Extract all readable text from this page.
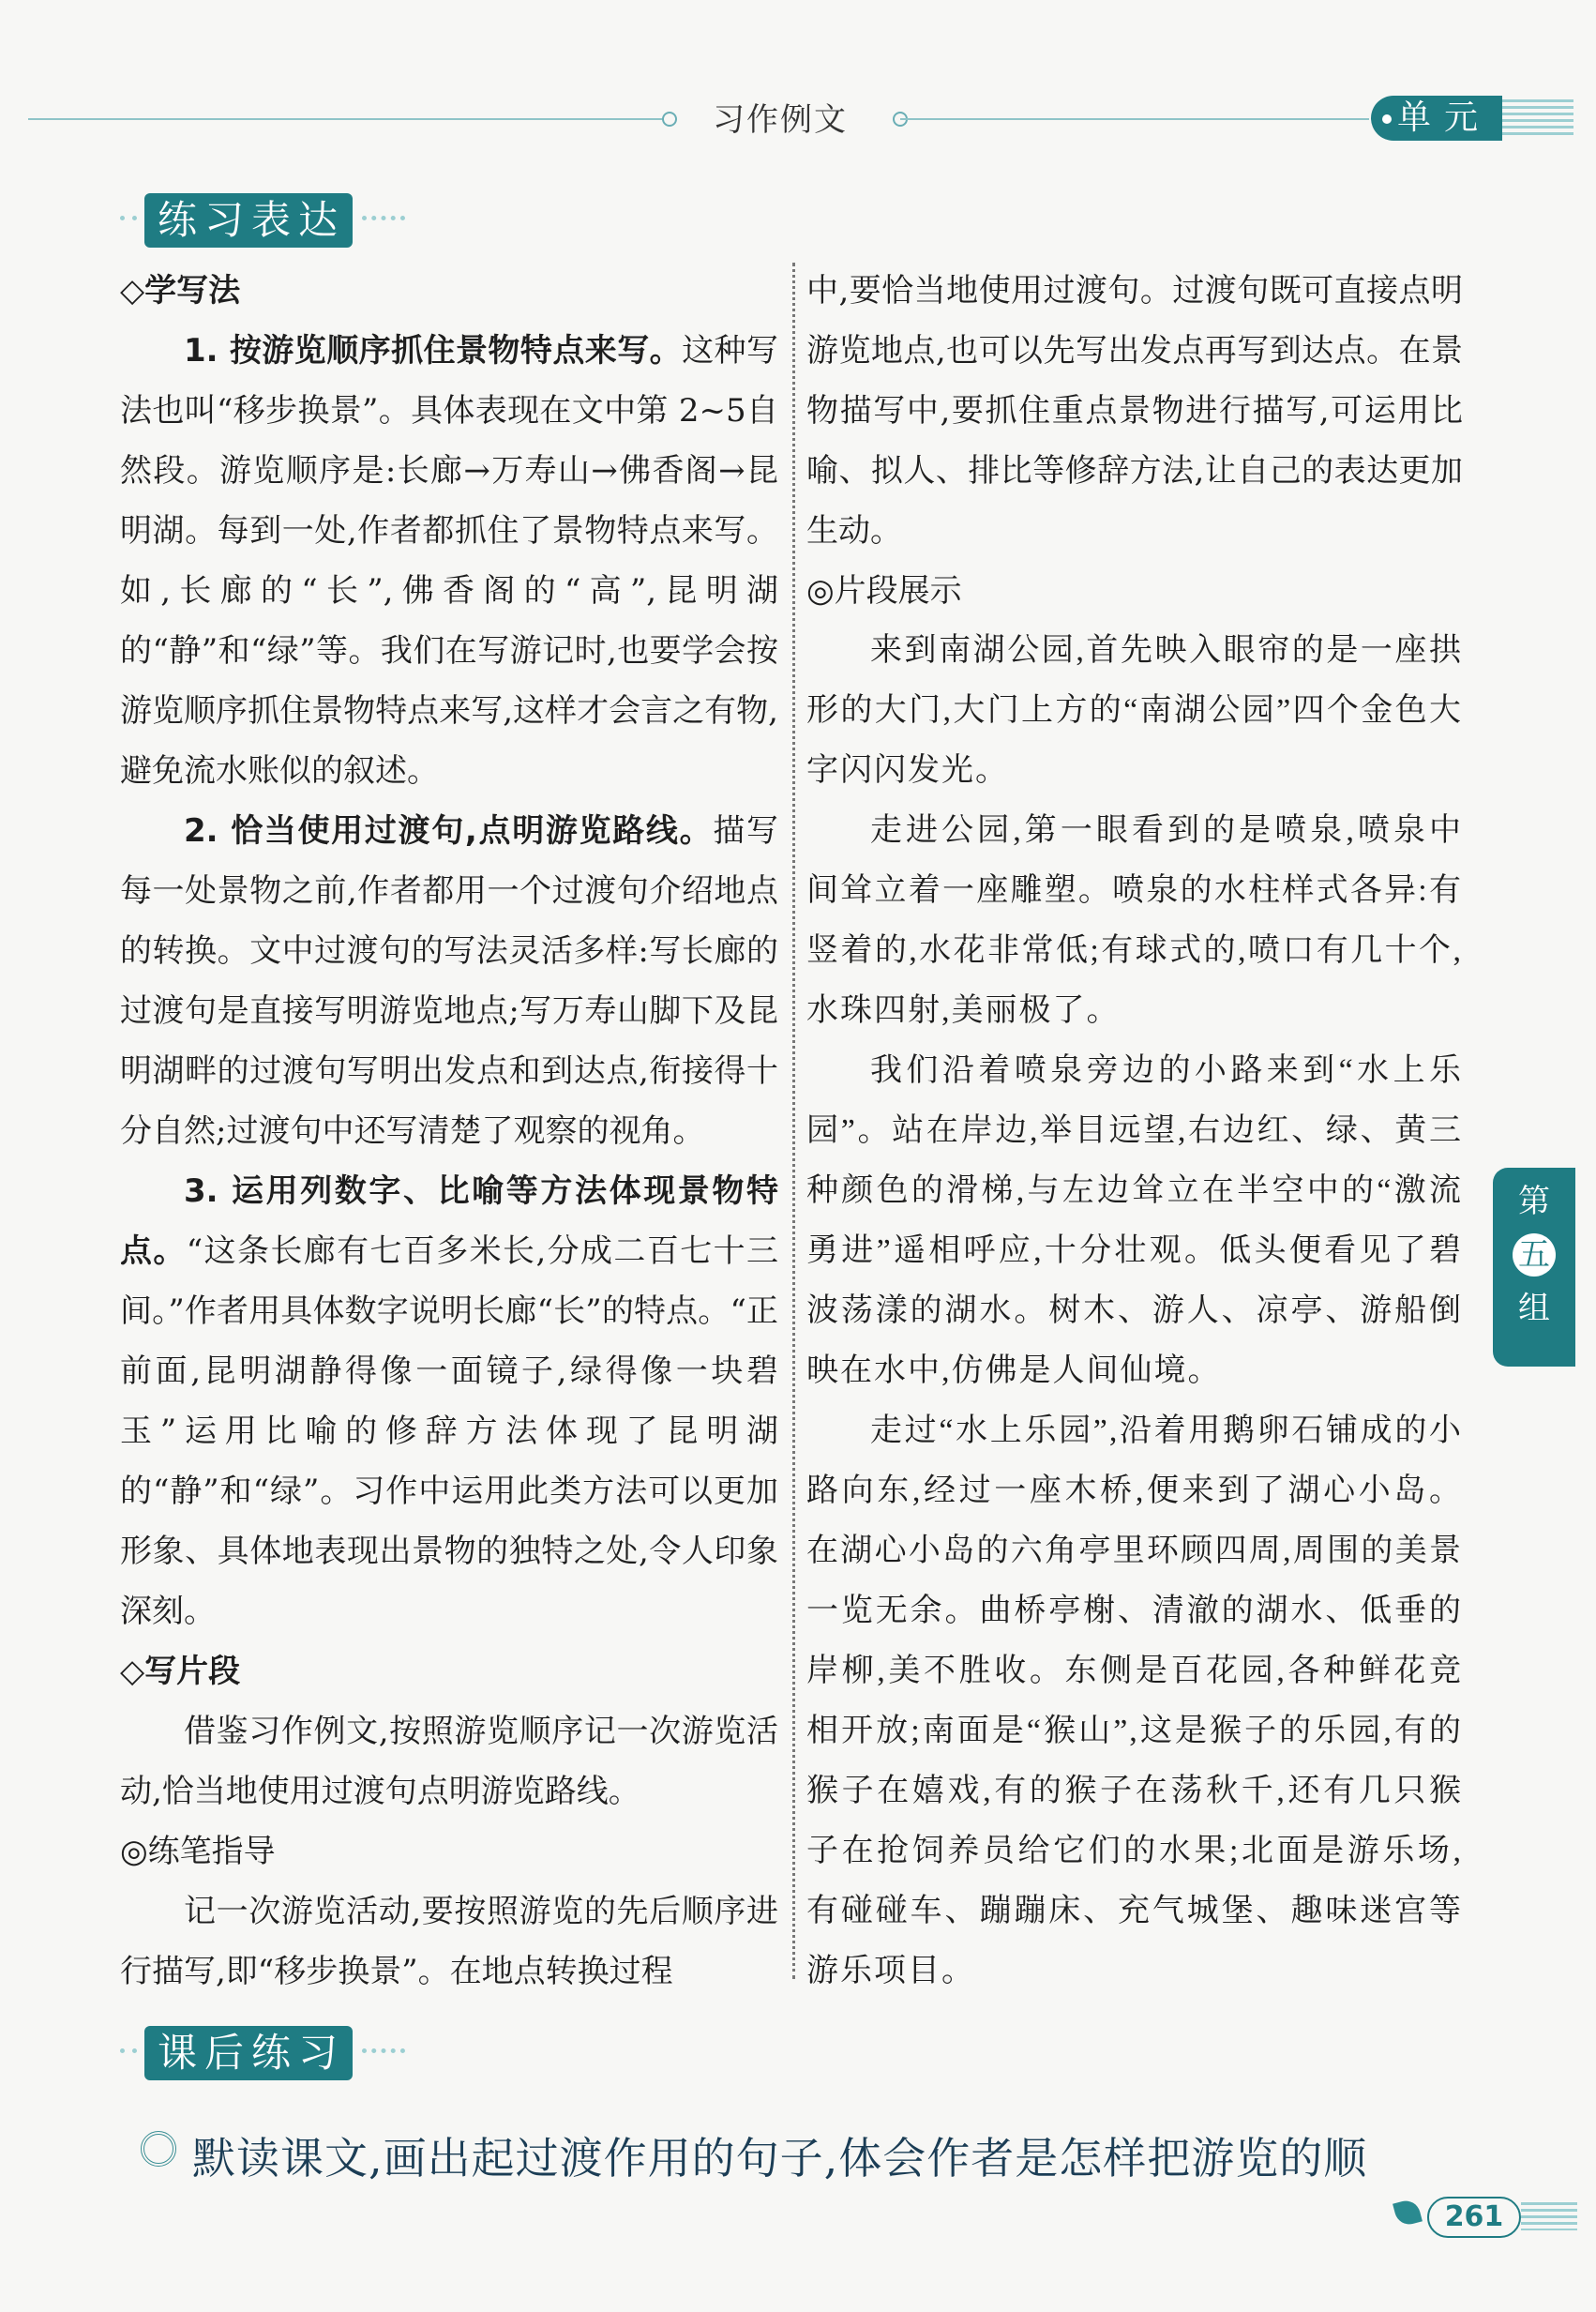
习作例文	单元
练习表达

◇学写法

1. 按游览顺序抓住景物特点来写。这种写法也叫“移步换景”。具体表现在文中第 2~5自然段。游览顺序是:长廊→万寿山→佛香阁→昆明湖。每到一处,作者都抓住了景物特点来写。如,长廊的“长”,佛香阁的“高”,昆明湖的“静”和“绿”等。我们在写游记时,也要学会按游览顺序抓住景物特点来写,这样才会言之有物,避免流水账似的叙述。

2. 恰当使用过渡句,点明游览路线。描写每一处景物之前,作者都用一个过渡句介绍地点的转换。文中过渡句的写法灵活多样:写长廊的过渡句是直接写明游览地点;写万寿山脚下及昆明湖畔的过渡句写明出发点和到达点,衔接得十分自然;过渡句中还写清楚了观察的视角。

3. 运用列数字、比喻等方法体现景物特点。“这条长廊有七百多米长,分成二百七十三间。”作者用具体数字说明长廊“长”的特点。“正前面,昆明湖静得像一面镜子,绿得像一块碧玉”运用比喻的修辞方法体现了昆明湖的“静”和“绿”。习作中运用此类方法可以更加形象、具体地表现出景物的独特之处,令人印象深刻。

◇写片段

借鉴习作例文,按照游览顺序记一次游览活动,恰当地使用过渡句点明游览路线。

◎练笔指导

记一次游览活动,要按照游览的先后顺序进行描写,即“移步换景”。在地点转换过程

中,要恰当地使用过渡句。过渡句既可直接点明游览地点,也可以先写出发点再写到达点。在景物描写中,要抓住重点景物进行描写,可运用比喻、拟人、排比等修辞方法,让自己的表达更加生动。

◎片段展示

来到南湖公园,首先映入眼帘的是一座拱形的大门,大门上方的“南湖公园”四个金色大字闪闪发光。

走进公园,第一眼看到的是喷泉,喷泉中间耸立着一座雕塑。喷泉的水柱样式各异:有竖着的,水花非常低;有球式的,喷口有几十个,水珠四射,美丽极了。

我们沿着喷泉旁边的小路来到“水上乐园”。站在岸边,举目远望,右边红、绿、黄三种颜色的滑梯,与左边耸立在半空中的“激流勇进”遥相呼应,十分壮观。低头便看见了碧波荡漾的湖水。树木、游人、凉亭、游船倒映在水中,仿佛是人间仙境。

走过“水上乐园”,沿着用鹅卵石铺成的小路向东,经过一座木桥,便来到了湖心小岛。在湖心小岛的六角亭里环顾四周,周围的美景一览无余。曲桥亭榭、清澈的湖水、低垂的岸柳,美不胜收。东侧是百花园,各种鲜花竞相开放;南面是“猴山”,这是猴子的乐园,有的猴子在嬉戏,有的猴子在荡秋千,还有几只猴子在抢饲养员给它们的水果;北面是游乐场,有碰碰车、蹦蹦床、充气城堡、趣味迷宫等游乐项目。

第
五
组
课后练习
默读课文,画出起过渡作用的句子,体会作者是怎样把游览的顺
261
